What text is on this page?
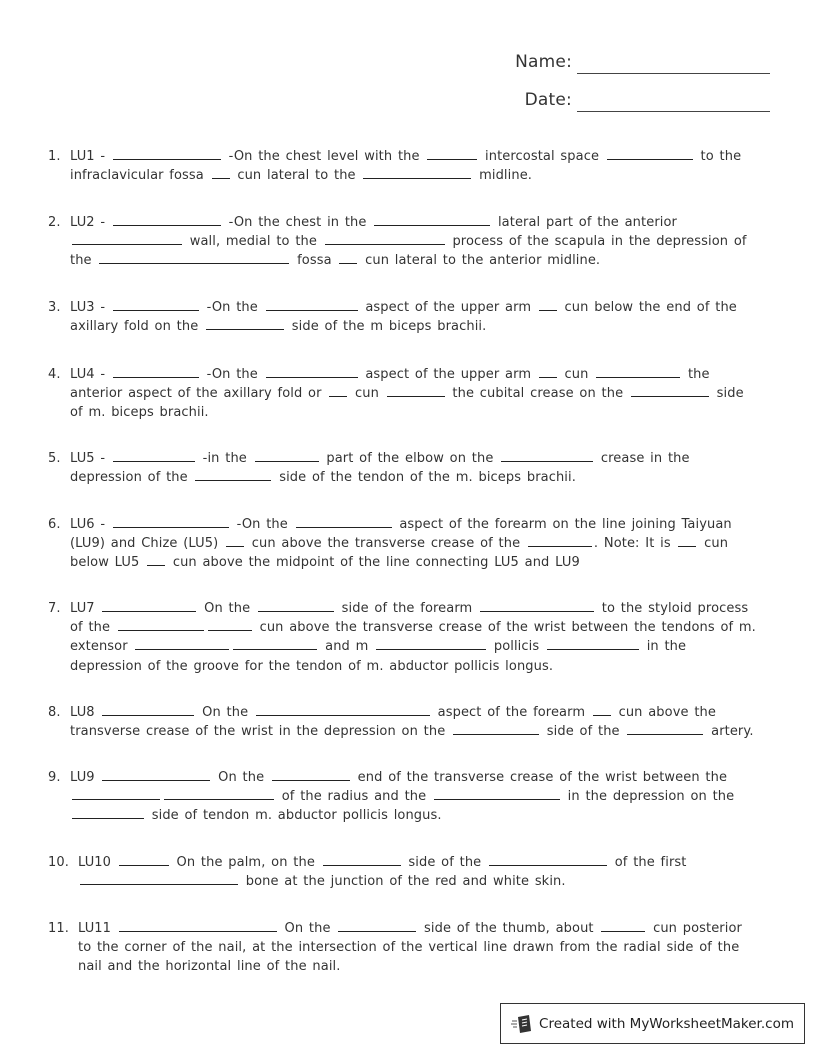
Name:
Date:
1. LU1 -	-On the chest level with the	intercostal space	to the infraclavicular fossa  cun lateral to the	midline.
2. LU2 -	-On the chest in the	lateral part of the anterior  wall, medial to the	process of the scapula in the depression of the	fossa  cun lateral to the anterior midline.
3. LU3 -	-On the	aspect of the upper arm  cun below the end of the axillary fold on the	side of the m biceps brachii.
4. LU4 -	-On the	aspect of the upper arm  cun	the anterior aspect of the axillary fold or  cun	the cubital crease on the	side of m. biceps brachii.
5. LU5 -	-in the	part of the elbow on the	crease in the depression of the	side of the tendon of the m. biceps brachii.
6. LU6 -	-On the	aspect of the forearm on the line joining Taiyuan (LU9) and Chize (LU5)  cun above the transverse crease of the	. Note: It is  cun below LU5  cun above the midpoint of the line connecting LU5 and LU9
7. LU7	On the	side of the forearm	to the styloid process of the	cun above the transverse crease of the wrist between the tendons of m. extensor	and m	pollicis	in the depression of the groove for the tendon of m. abductor pollicis longus.
8. LU8	On the	aspect of the forearm  cun above the transverse crease of the wrist in the depression on the	side of the	artery.
9. LU9	On the	end of the transverse crease of the wrist between the  of the radius and the	in the depression on the  side of tendon m. abductor pollicis longus.
10. LU10	On the palm, on the	side of the	of the first  bone at the junction of the red and white skin.
11. LU11	On the	side of the thumb, about	cun posterior to the corner of the nail, at the intersection of the vertical line drawn from the radial side of the nail and the horizontal line of the nail.
Created with MyWorksheetMaker.com
